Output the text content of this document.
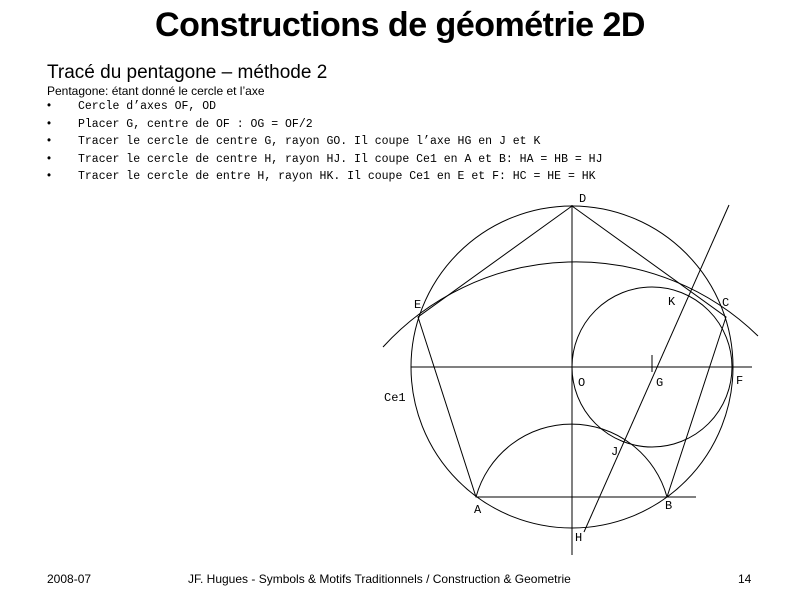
Constructions de géométrie 2D
Tracé du pentagone – méthode 2
Pentagone: étant donné le cercle et l’axe
• Cercle d’axes OF, OD
• Placer G, centre de OF : OG = OF/2
• Tracer le cercle de centre G, rayon GO. Il coupe l’axe HG en J et K
• Tracer le cercle de centre H, rayon HJ. Il coupe Ce1 en A et B: HA = HB = HJ
• Tracer le cercle de entre H, rayon HK. Il coupe Ce1 en E et F: HC = HE = HK
D
E	K	C
O	G	F
Ce1
J
A	B
H
2008-07	JF. Hugues - Symbols & Motifs Traditionnels / Construction & Geometrie	14
